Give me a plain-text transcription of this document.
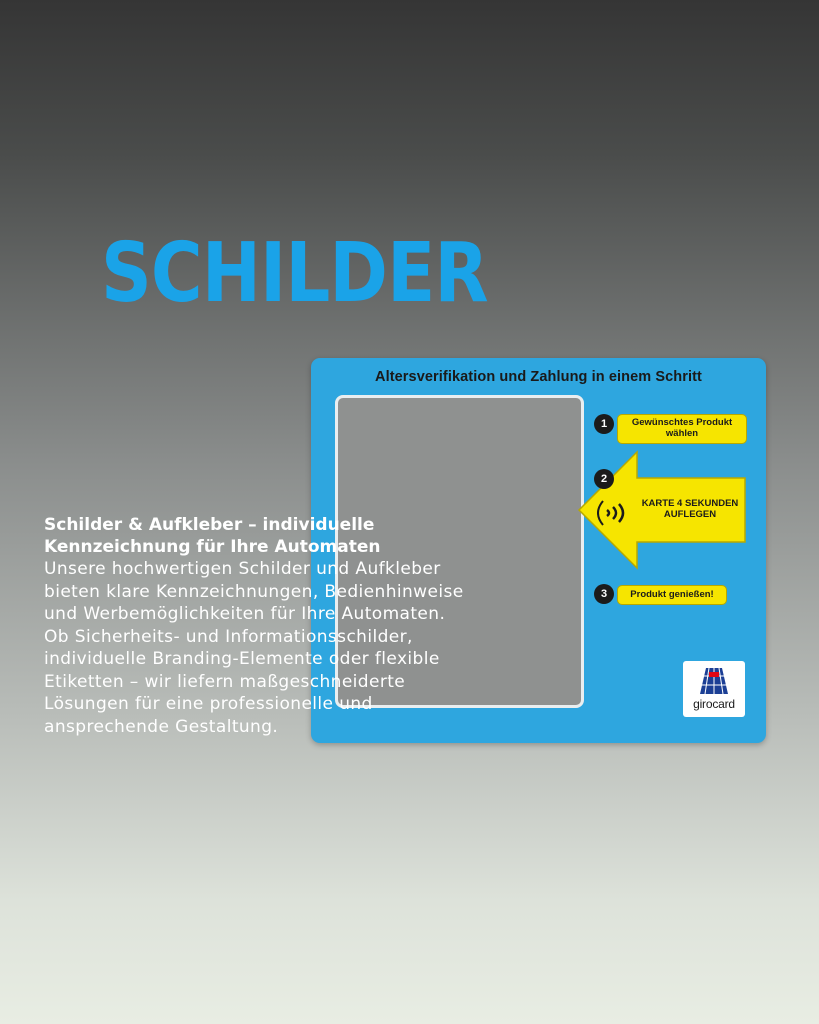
SCHILDER

Altersverifikation und Zahlung in einem Schritt

1	Gewünschtes Produkt
wählen
2
KARTE 4 SEKUNDEN
AUFLEGEN
3	Produkt genießen!
girocard

Schilder & Aufkleber – individuelle
Kennzeichnung für Ihre Automaten

Unsere hochwertigen Schilder und Aufkleber bieten klare Kennzeichnungen, Bedienhinweise und Werbemöglichkeiten für Ihre Automaten. Ob Sicherheits- und Informationsschilder, individuelle Branding-Elemente oder flexible Etiketten – wir liefern maßgeschneiderte Lösungen für eine professionelle und ansprechende Gestaltung.
